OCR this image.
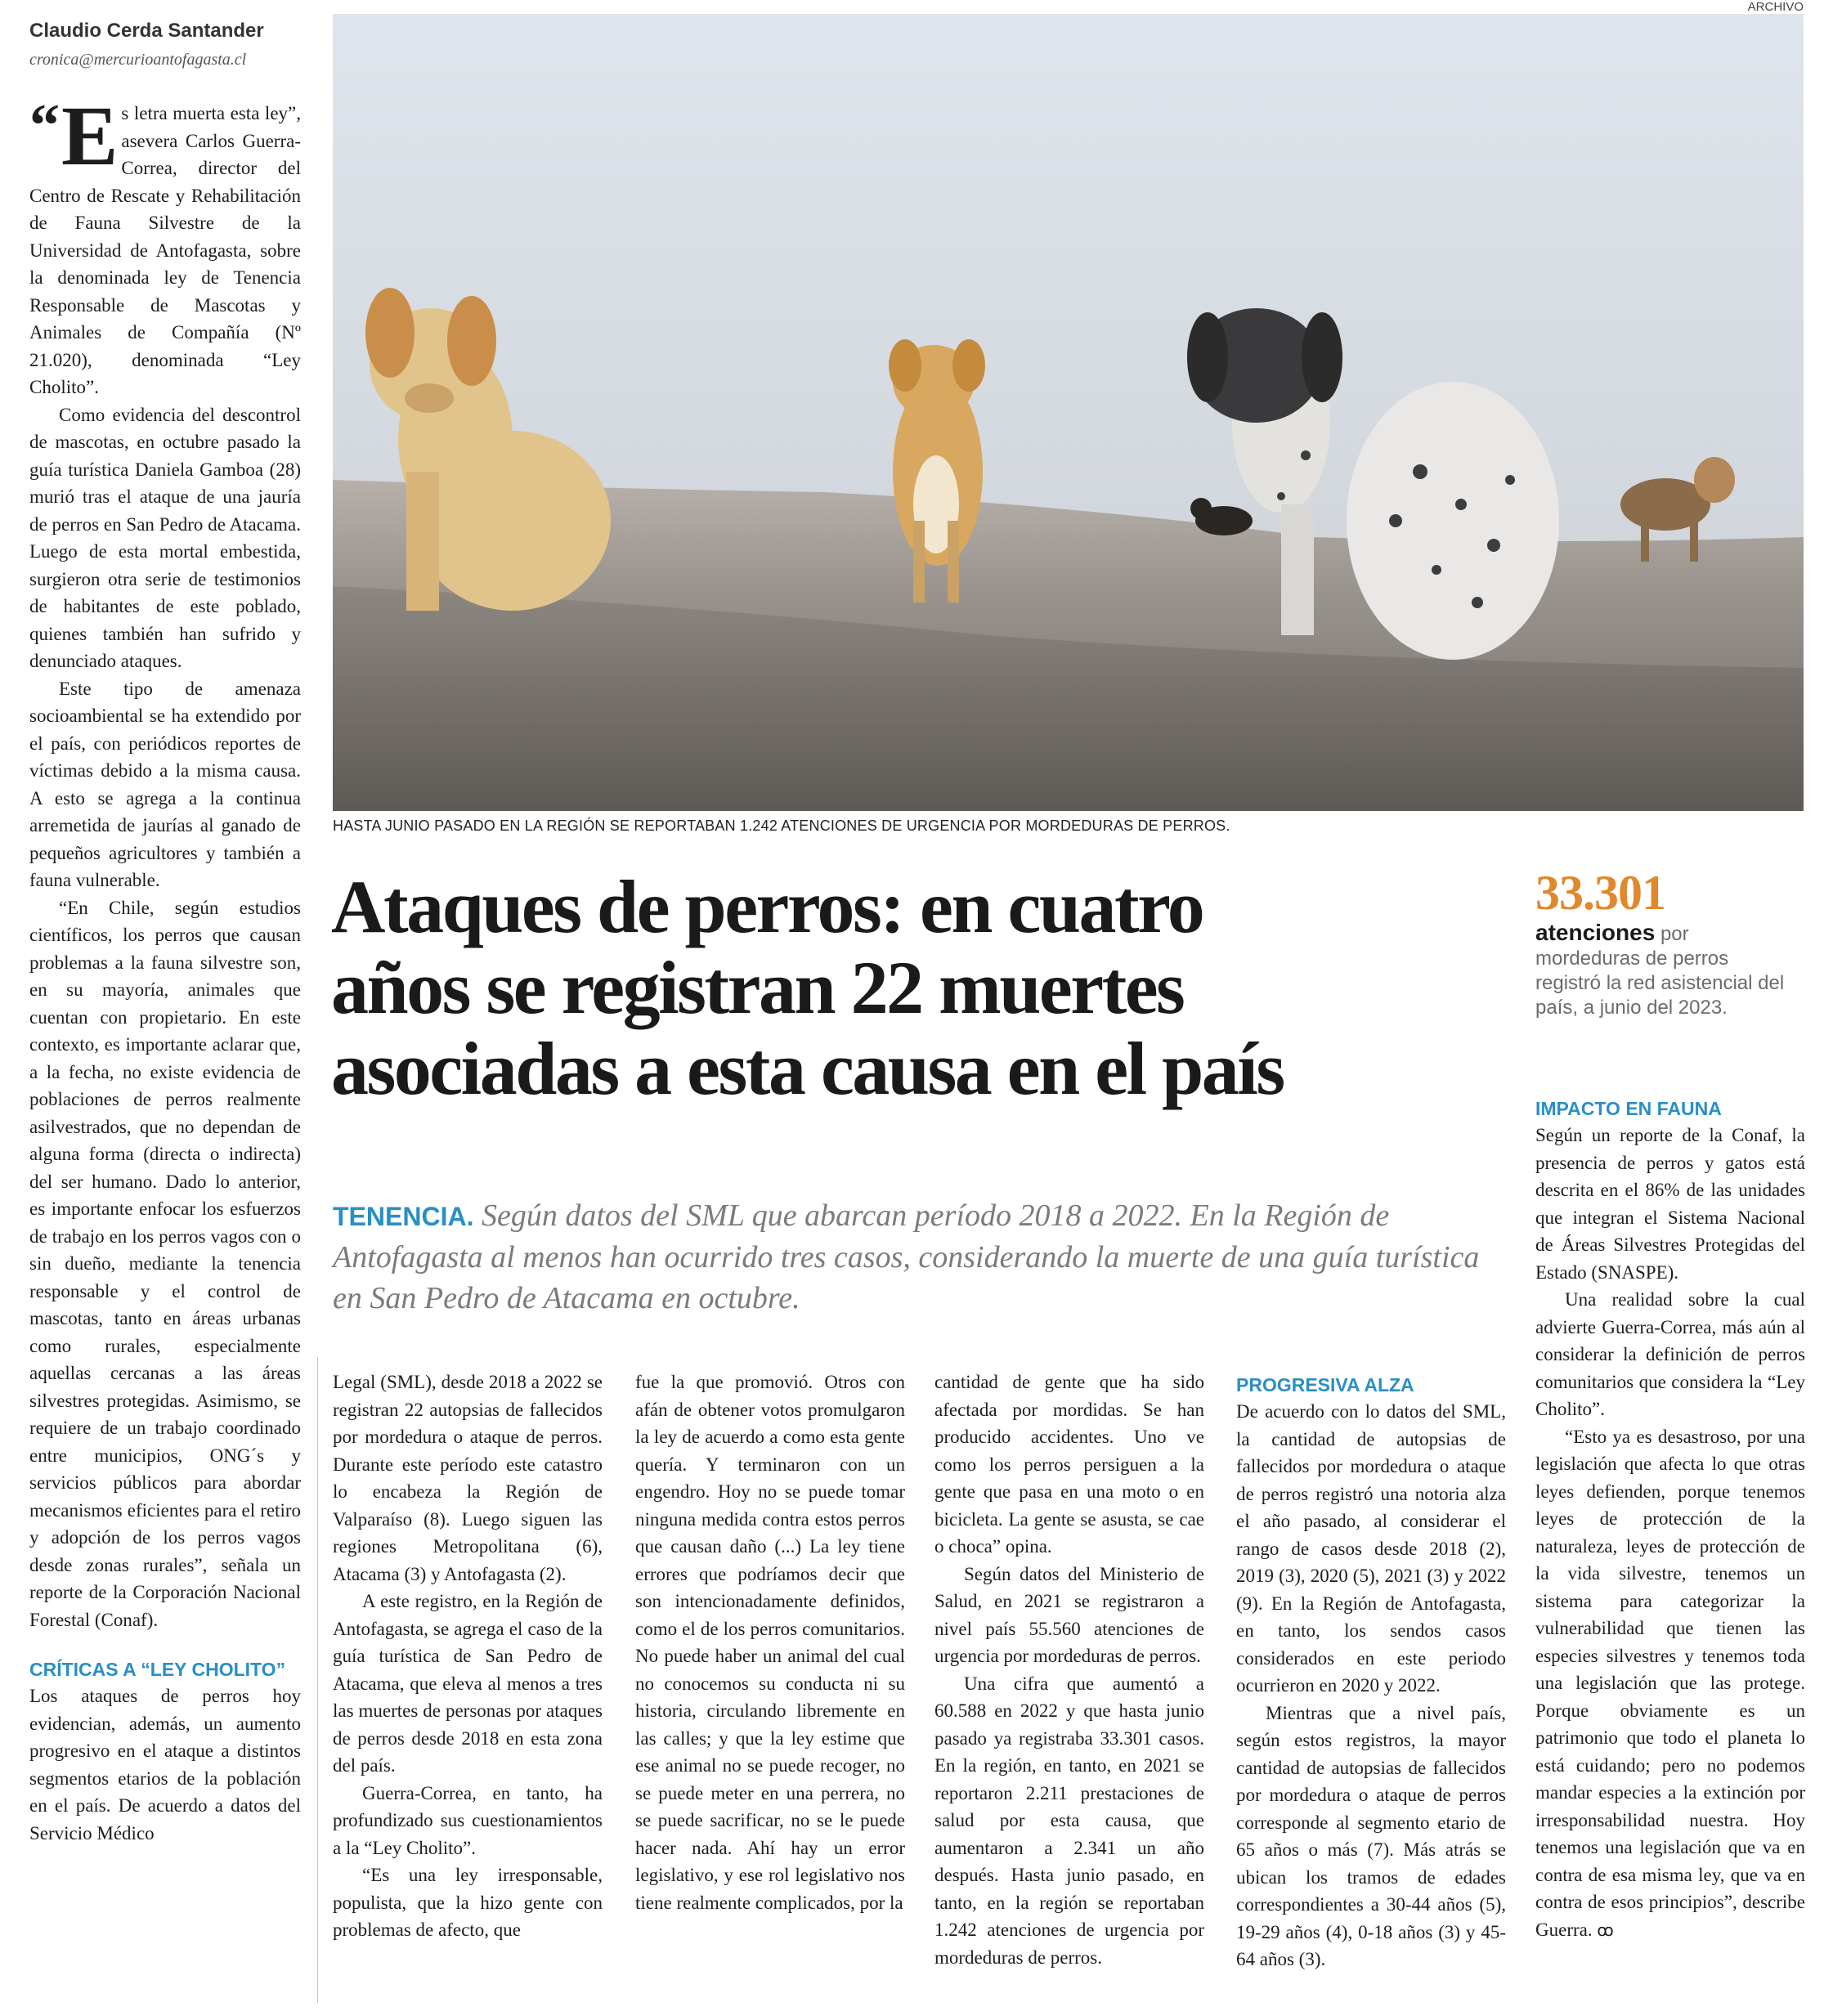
Claudio Cerda Santander
cronica@mercurioantofagasta.cl
ARCHIVO
HASTA JUNIO PASADO EN LA REGIÓN SE REPORTABAN 1.242 ATENCIONES DE URGENCIA POR MORDEDURAS DE PERROS.
Ataques de perros: en cuatro
años se registran 22 muertes
asociadas a esta causa en el país
TENENCIA. Según datos del SML que abarcan período 2018 a 2022. En la Región de Antofagasta al menos han ocurrido tres casos, considerando la muerte de una guía turística en San Pedro de Atacama en octubre.
33.301
atenciones por mordeduras de perros registró la red asistencial del país, a junio del 2023.

“ E s letra muerta esta ley”, asevera Carlos Guerra-Correa, director del Centro de Rescate y Rehabilitación de Fauna Silvestre de la Universidad de Antofagasta, sobre la denominada ley de Tenencia Responsable de Mascotas y Animales de Compañía (Nº 21.020), denominada “Ley Cholito”.

Como evidencia del descontrol de mascotas, en octubre pasado la guía turística Daniela Gamboa (28) murió tras el ataque de una jauría de perros en San Pedro de Atacama. Luego de esta mortal embestida, surgieron otra serie de testimonios de habitantes de este poblado, quienes también han sufrido y denunciado ataques.

Este tipo de amenaza socioambiental se ha extendido por el país, con periódicos reportes de víctimas debido a la misma causa. A esto se agrega a la continua arremetida de jaurías al ganado de pequeños agricultores y también a fauna vulnerable.

“En Chile, según estudios científicos, los perros que causan problemas a la fauna silvestre son, en su mayoría, animales que cuentan con propietario. En este contexto, es importante aclarar que, a la fecha, no existe evidencia de poblaciones de perros realmente asilvestrados, que no dependan de alguna forma (directa o indirecta) del ser humano. Dado lo anterior, es importante enfocar los esfuerzos de trabajo en los perros vagos con o sin dueño, mediante la tenencia responsable y el control de mascotas, tanto en áreas urbanas como rurales, especialmente aquellas cercanas a las áreas silvestres protegidas. Asimismo, se requiere de un trabajo coordinado entre municipios, ONG´s y servicios públicos para abordar mecanismos eficientes para el retiro y adopción de los perros vagos desde zonas rurales”, señala un reporte de la Corporación Nacional Forestal (Conaf).

CRÍTICAS A “LEY CHOLITO”

Los ataques de perros hoy evidencian, además, un aumento progresivo en el ataque a distintos segmentos etarios de la población en el país. De acuerdo a datos del Servicio Médico

Legal (SML), desde 2018 a 2022 se registran 22 autopsias de fallecidos por mordedura o ataque de perros. Durante este período este catastro lo encabeza la Región de Valparaíso (8). Luego siguen las regiones Metropolitana (6), Atacama (3) y Antofagasta (2).

A este registro, en la Región de Antofagasta, se agrega el caso de la guía turística de San Pedro de Atacama, que eleva al menos a tres las muertes de personas por ataques de perros desde 2018 en esta zona del país.

Guerra-Correa, en tanto, ha profundizado sus cuestionamientos a la “Ley Cholito”.

“Es una ley irresponsable, populista, que la hizo gente con problemas de afecto, que

fue la que promovió. Otros con afán de obtener votos promulgaron la ley de acuerdo a como esta gente quería. Y terminaron con un engendro. Hoy no se puede tomar ninguna medida contra estos perros que causan daño (...) La ley tiene errores que podríamos decir que son intencionadamente definidos, como el de los perros comunitarios. No puede haber un animal del cual no conocemos su conducta ni su historia, circulando libremente en las calles; y que la ley estime que ese animal no se puede recoger, no se puede meter en una perrera, no se puede sacrificar, no se le puede hacer nada. Ahí hay un error legislativo, y ese rol legislativo nos tiene realmente complicados, por la

cantidad de gente que ha sido afectada por mordidas. Se han producido accidentes. Uno ve como los perros persiguen a la gente que pasa en una moto o en bicicleta. La gente se asusta, se cae o choca” opina.

Según datos del Ministerio de Salud, en 2021 se registraron a nivel país 55.560 atenciones de urgencia por mordeduras de perros.

Una cifra que aumentó a 60.588 en 2022 y que hasta junio pasado ya registraba 33.301 casos. En la región, en tanto, en 2021 se reportaron 2.211 prestaciones de salud por esta causa, que aumentaron a 2.341 un año después. Hasta junio pasado, en tanto, en la región se reportaban 1.242 atenciones de urgencia por mordeduras de perros.

PROGRESIVA ALZA

De acuerdo con lo datos del SML, la cantidad de autopsias de fallecidos por mordedura o ataque de perros registró una notoria alza el año pasado, al considerar el rango de casos desde 2018 (2), 2019 (3), 2020 (5), 2021 (3) y 2022 (9). En la Región de Antofagasta, en tanto, los sendos casos considerados en este periodo ocurrieron en 2020 y 2022.

Mientras que a nivel país, según estos registros, la mayor cantidad de autopsias de fallecidos por mordedura o ataque de perros corresponde al segmento etario de 65 años o más (7). Más atrás se ubican los tramos de edades correspondientes a 30-44 años (5), 19-29 años (4), 0-18 años (3) y 45-64 años (3).

IMPACTO EN FAUNA

Según un reporte de la Conaf, la presencia de perros y gatos está descrita en el 86% de las unidades que integran el Sistema Nacional de Áreas Silvestres Protegidas del Estado (SNASPE).

Una realidad sobre la cual advierte Guerra-Correa, más aún al considerar la definición de perros comunitarios que considera la “Ley Cholito”.

“Esto ya es desastroso, por una legislación que afecta lo que otras leyes defienden, porque tenemos leyes de protección de la naturaleza, leyes de protección de la vida silvestre, tenemos un sistema para categorizar la vulnerabilidad que tienen las especies silvestres y tenemos toda una legislación que las protege. Porque obviamente es un patrimonio que todo el planeta lo está cuidando; pero no podemos mandar especies a la extinción por irresponsabilidad nuestra. Hoy tenemos una legislación que va en contra de esa misma ley, que va en contra de esos principios”, describe Guerra. ꝏ
